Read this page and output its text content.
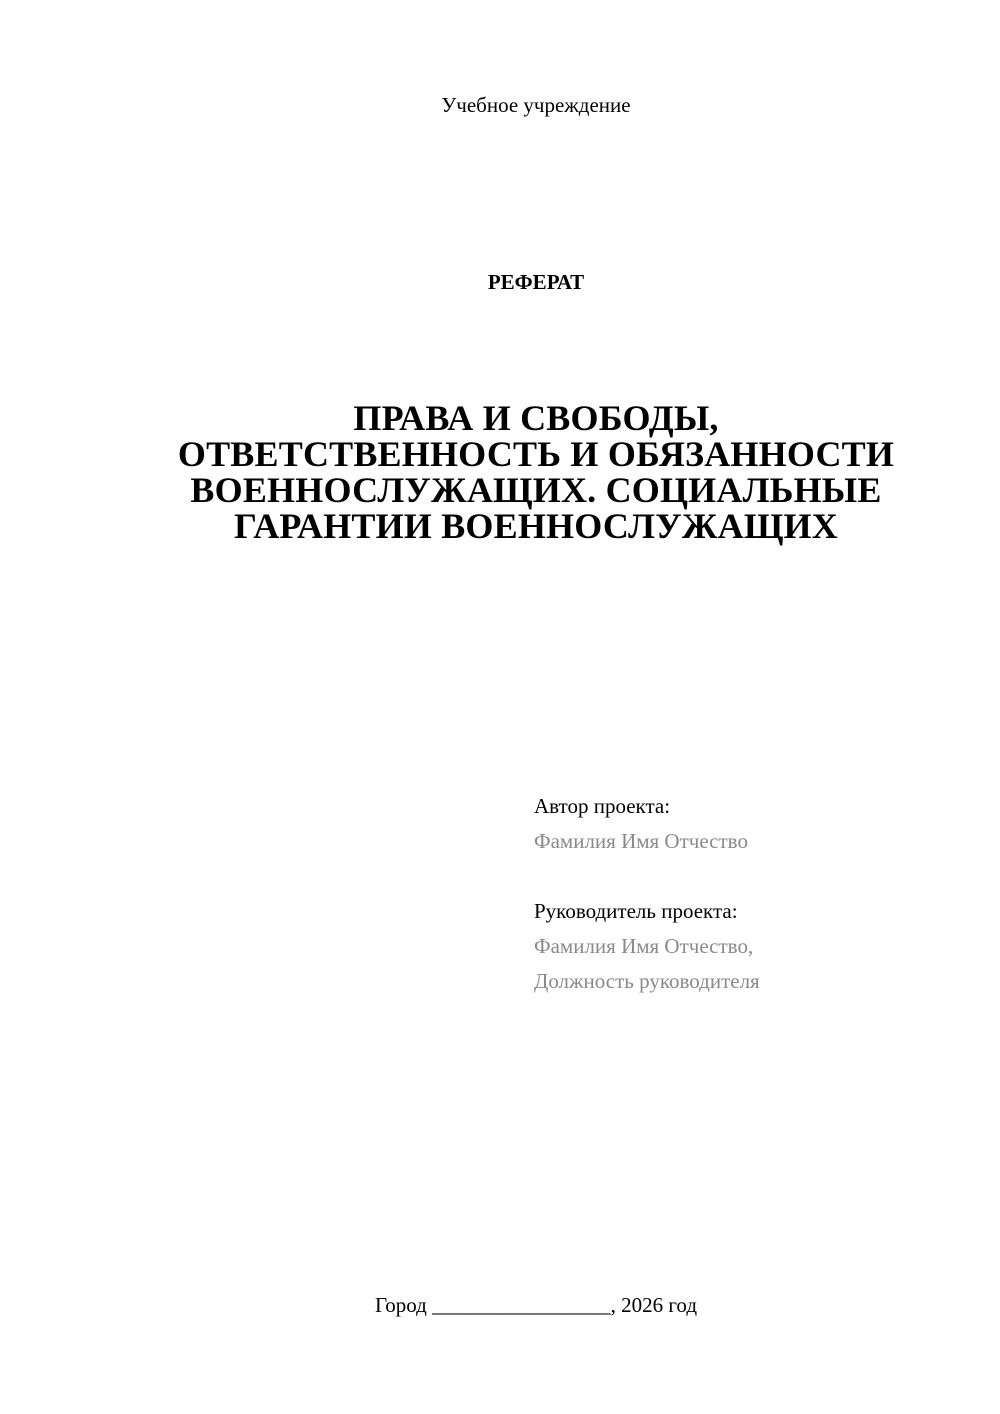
Учебное учреждение
РЕФЕРАТ
ПРАВА И СВОБОДЫ,
ОТВЕТСТВЕННОСТЬ И ОБЯЗАННОСТИ
ВОЕННОСЛУЖАЩИХ. СОЦИАЛЬНЫЕ
ГАРАНТИИ ВОЕННОСЛУЖАЩИХ
Автор проекта:
Фамилия Имя Отчество
Руководитель проекта:
Фамилия Имя Отчество,
Должность руководителя
Город _________________, 2026 год
